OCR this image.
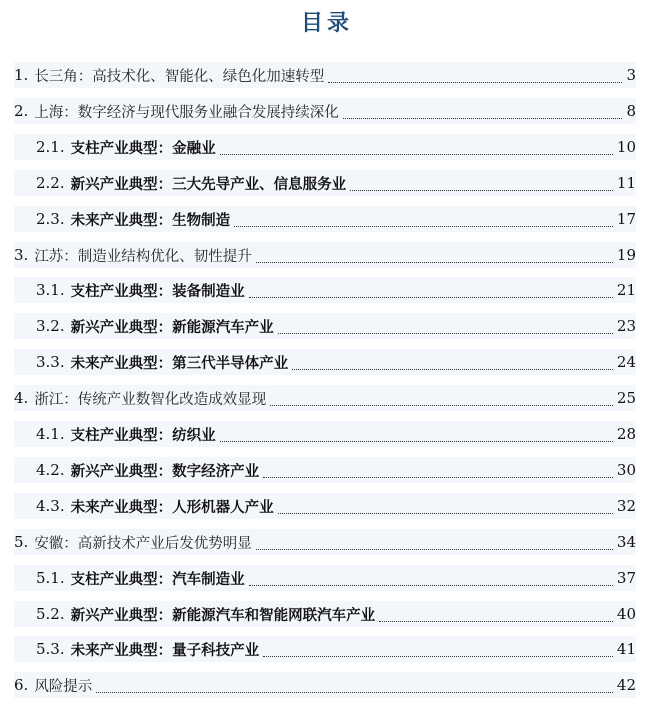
目录
1. 长三角：高技术化、智能化、绿色化加速转型	3
2. 上海：数字经济与现代服务业融合发展持续深化	8
2.1. 支柱产业典型：金融业	10
2.2. 新兴产业典型：三大先导产业、信息服务业	11
2.3. 未来产业典型：生物制造	17
3. 江苏：制造业结构优化、韧性提升	19
3.1. 支柱产业典型：装备制造业	21
3.2. 新兴产业典型：新能源汽车产业	23
3.3. 未来产业典型：第三代半导体产业	24
4. 浙江：传统产业数智化改造成效显现	25
4.1. 支柱产业典型：纺织业	28
4.2. 新兴产业典型：数字经济产业	30
4.3. 未来产业典型：人形机器人产业	32
5. 安徽：高新技术产业后发优势明显	34
5.1. 支柱产业典型：汽车制造业	37
5.2. 新兴产业典型：新能源汽车和智能网联汽车产业	40
5.3. 未来产业典型：量子科技产业	41
6. 风险提示	42
